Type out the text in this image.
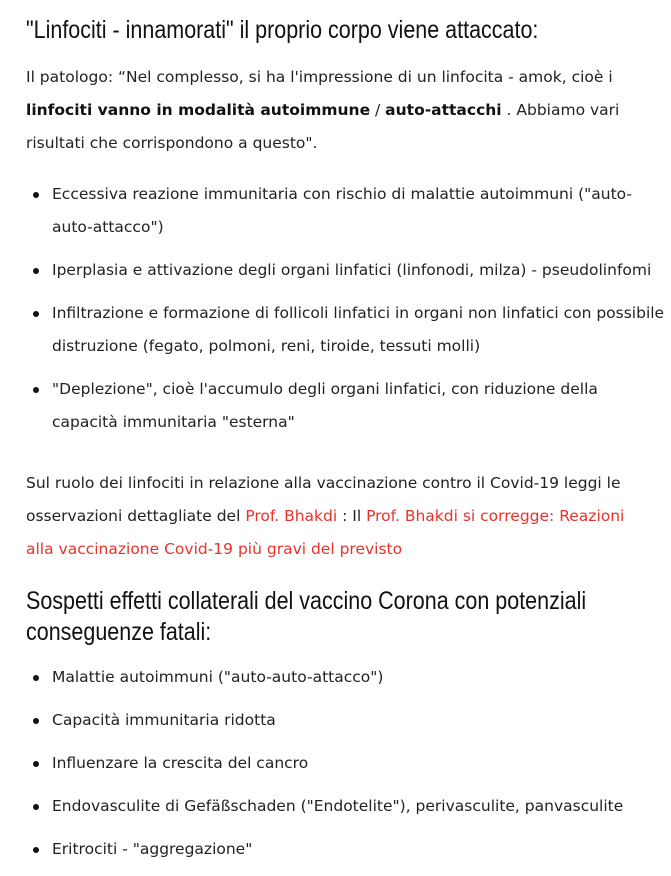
"Linfociti - innamorati" il proprio corpo viene attaccato:

Il patologo: “Nel complesso, si ha l'impressione di un linfocita - amok, cioè i linfociti vanno in modalità autoimmune / auto-attacchi . Abbiamo vari risultati che corrispondono a questo".

Eccessiva reazione immunitaria con rischio di malattie autoimmuni ("auto-auto-attacco")
Iperplasia e attivazione degli organi linfatici (linfonodi, milza) - pseudolinfomi
Infiltrazione e formazione di follicoli linfatici in organi non linfatici con possibile distruzione (fegato, polmoni, reni, tiroide, tessuti molli)
"Deplezione", cioè l'accumulo degli organi linfatici, con riduzione della capacità immunitaria "esterna"

Sul ruolo dei linfociti in relazione alla vaccinazione contro il Covid-19 leggi le osservazioni dettagliate del Prof. Bhakdi : Il Prof. Bhakdi si corregge: Reazioni alla vaccinazione Covid-19 più gravi del previsto

Sospetti effetti collaterali del vaccino Corona con potenziali conseguenze fatali:
Malattie autoimmuni ("auto-auto-attacco")
Capacità immunitaria ridotta
Influenzare la crescita del cancro
Endovasculite di Gefäßschaden ("Endotelite"), perivasculite, panvasculite
Eritrociti - "aggregazione"
